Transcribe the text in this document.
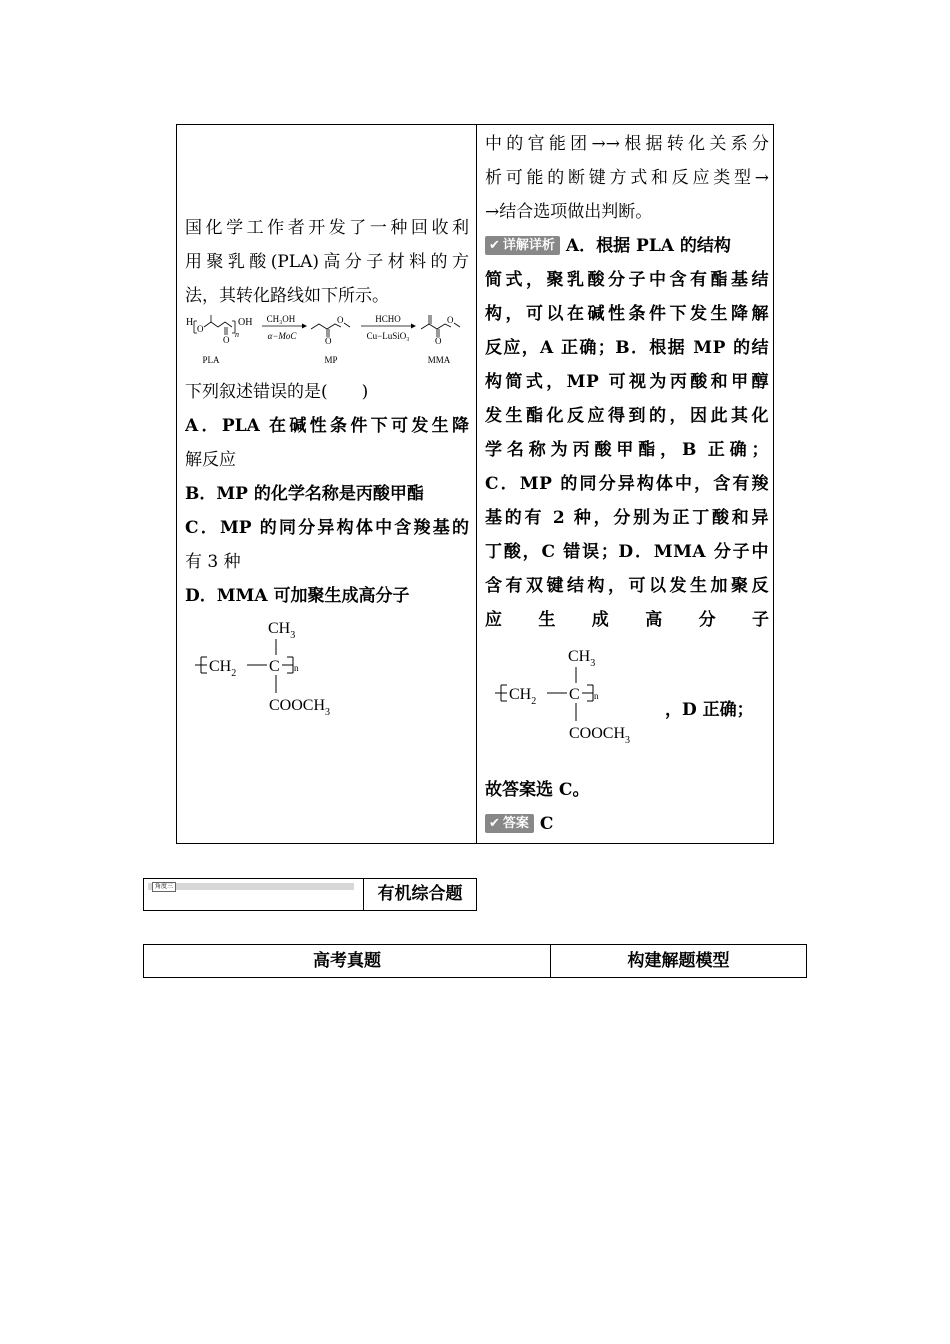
国化学工作者开发了一种回收利
用聚乳酸(PLA)高分子材料的方
法，其转化路线如下所示。
H
O
O
n
OH
PLA
CH₃OH
α−MoC	O
O
MP
HCHO
Cu−LuSiO₃	O
O
MMA
下列叙述错误的是(　　)
A．PLA 在碱性条件下可发生降
解反应
B．MP 的化学名称是丙酸甲酯
C．MP 的同分异构体中含羧基的
有 3 种
D．MMA 可加聚生成高分子
$CH_3$
$CH_2$ C n
$COOCH_3$
中的官能团→→根据转化关系分
析可能的断键方式和反应类型→
→结合选项做出判断。
✔ 详解详析 A．根据 PLA 的结构
简式，聚乳酸分子中含有酯基结
构，可以在碱性条件下发生降解
反应，A 正确；B．根据 MP 的结
构简式，MP 可视为丙酸和甲醇
发生酯化反应得到的，因此其化
学名称为丙酸甲酯，B 正确；
C．MP 的同分异构体中，含有羧
基的有 2 种，分别为正丁酸和异
丁酸，C 错误；D．MMA 分子中
含有双键结构，可以发生加聚反
应　生　成　高　分　子
$CH_3$
$CH_2$ C n
$COOCH_3$
，D 正确；
故答案选 C。
✔ 答案 C
角度三	有机综合题
高考真题	构建解题模型
